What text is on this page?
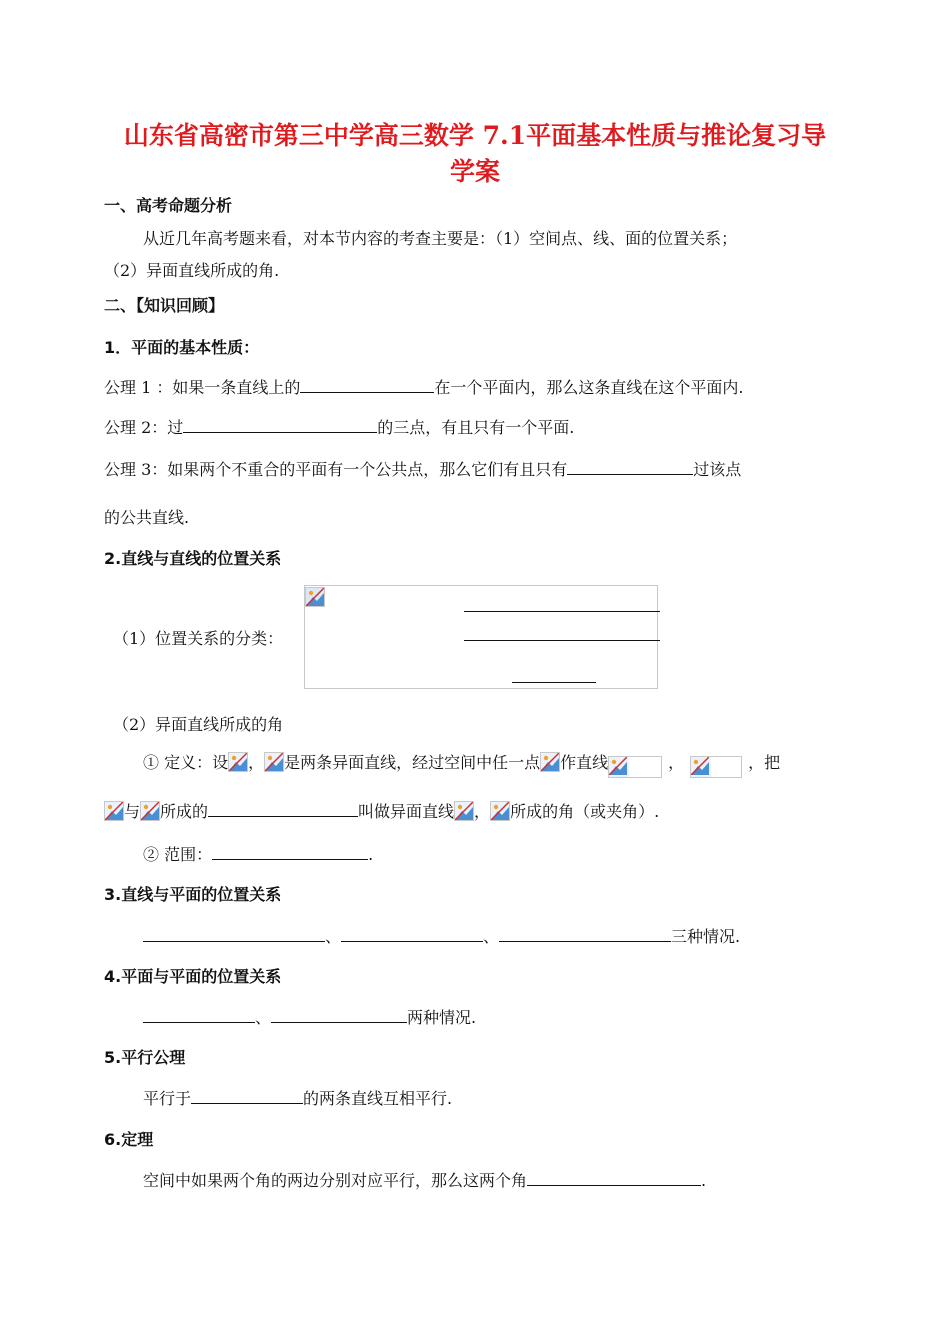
山东省高密市第三中学高三数学 7.1平面基本性质与推论复习导
学案
一、高考命题分析
从近几年高考题来看，对本节内容的考查主要是：（1）空间点、线、面的位置关系；
（2）异面直线所成的角.
二、【知识回顾】
1．平面的基本性质：
公理 1 ：如果一条直线上的	在一个平面内，那么这条直线在这个平面内.
公理 2：过	的三点，有且只有一个平面.
公理 3：如果两个不重合的平面有一个公共点，那么它们有且只有	过该点
的公共直线.
2.直线与直线的位置关系
（1）位置关系的分类：
（2）异面直线所成的角
① 定义：设 ， 是两条异面直线，经过空间中任一点 作直线	，	，把
与 所成的	叫做异面直线 ， 所成的角（或夹角）.
② 范围：	.
3.直线与平面的位置关系
、	、	三种情况.
4.平面与平面的位置关系
、	两种情况.
5.平行公理
平行于	的两条直线互相平行.
6.定理
空间中如果两个角的两边分别对应平行，那么这两个角	.
